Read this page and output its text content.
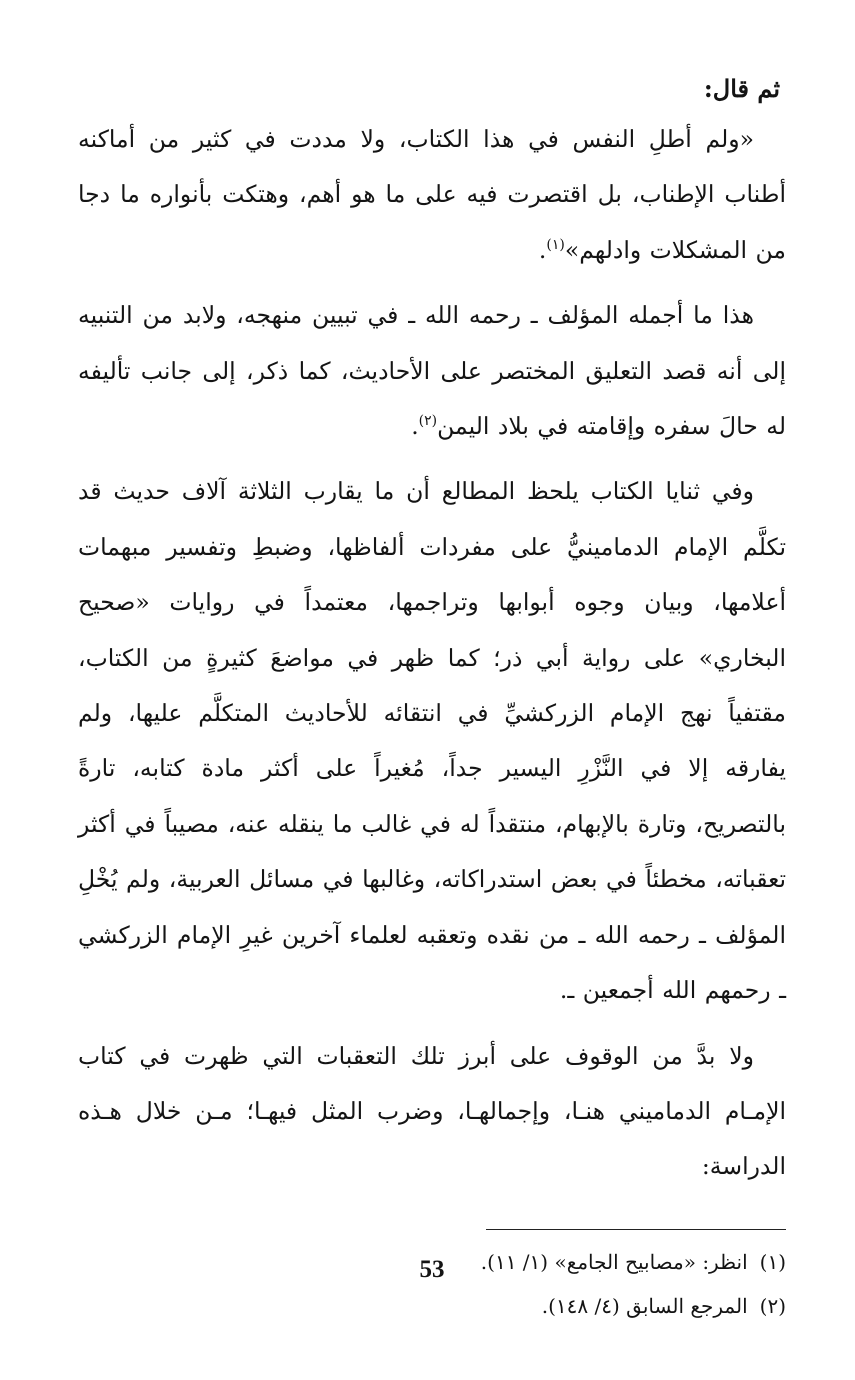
ثم قال:

«ولم أطلِ النفس في هذا الكتاب، ولا مددت في كثير من أماكنه أطناب الإطناب، بل اقتصرت فيه على ما هو أهم، وهتكت بأنواره ما دجا من المشكلات وادلهم»$^{(١)}$.

هذا ما أجمله المؤلف ـ رحمه الله ـ في تبيين منهجه، ولابد من التنبيه إلى أنه قصد التعليق المختصر على الأحاديث، كما ذكر، إلى جانب تأليفه له حالَ سفره وإقامته في بلاد اليمن$^{(٢)}$.

وفي ثنايا الكتاب يلحظ المطالع أن ما يقارب الثلاثة آلاف حديث قد تكلَّم الإمام الدمامينيُّ على مفردات ألفاظها، وضبطِ وتفسير مبهمات أعلامها، وبيان وجوه أبوابها وتراجمها، معتمداً في روايات «صحيح البخاري» على رواية أبي ذر؛ كما ظهر في مواضعَ كثيرةٍ من الكتاب، مقتفياً نهج الإمام الزركشيِّ في انتقائه للأحاديث المتكلَّم عليها، ولم يفارقه إلا في النَّزْرِ اليسير جداً، مُغيراً على أكثر مادة كتابه، تارةً بالتصريح، وتارة بالإبهام، منتقداً له في غالب ما ينقله عنه، مصيباً في أكثر تعقباته، مخطئاً في بعض استدراكاته، وغالبها في مسائل العربية، ولم يُخْلِ المؤلف ـ رحمه الله ـ من نقده وتعقبه لعلماء آخرين غيرِ الإمام الزركشي ـ رحمهم الله أجمعين ـ.

ولا بدَّ من الوقوف على أبرز تلك التعقبات التي ظهرت في كتاب الإمـام الدماميني هنـا، وإجمالهـا، وضرب المثل فيهـا؛ مـن خلال هـذه الدراسة:

(١)انظر: «مصابيح الجامع» (١/ ١١).

(٢)المرجع السابق (٤/ ١٤٨).

53
